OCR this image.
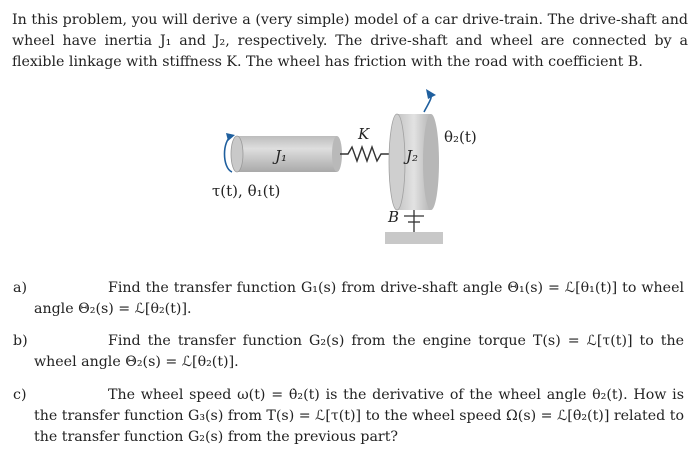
In this problem, you will derive a (very simple) model of a car drive-train. The drive-shaft and wheel have inertia J₁ and J₂, respectively. The drive-shaft and wheel are connected by a flexible linkage with stiffness K. The wheel has friction with the road with coefficient B.
J₁
τ(t), θ₁(t)
K
J₂
θ₂(t)
B
a)	Find the transfer function G₁(s) from drive-shaft angle Θ₁(s) = ℒ[θ₁(t)] to wheel angle Θ₂(s) = ℒ[θ₂(t)].
b)	Find the transfer function G₂(s) from the engine torque T(s) = ℒ[τ(t)] to the wheel angle Θ₂(s) = ℒ[θ₂(t)].
c)	The wheel speed ω(t) = θ̇₂(t) is the derivative of the wheel angle θ₂(t). How is the transfer function G₃(s) from T(s) = ℒ[τ(t)] to the wheel speed Ω(s) = ℒ[θ̇₂(t)] related to the transfer function G₂(s) from the previous part?
